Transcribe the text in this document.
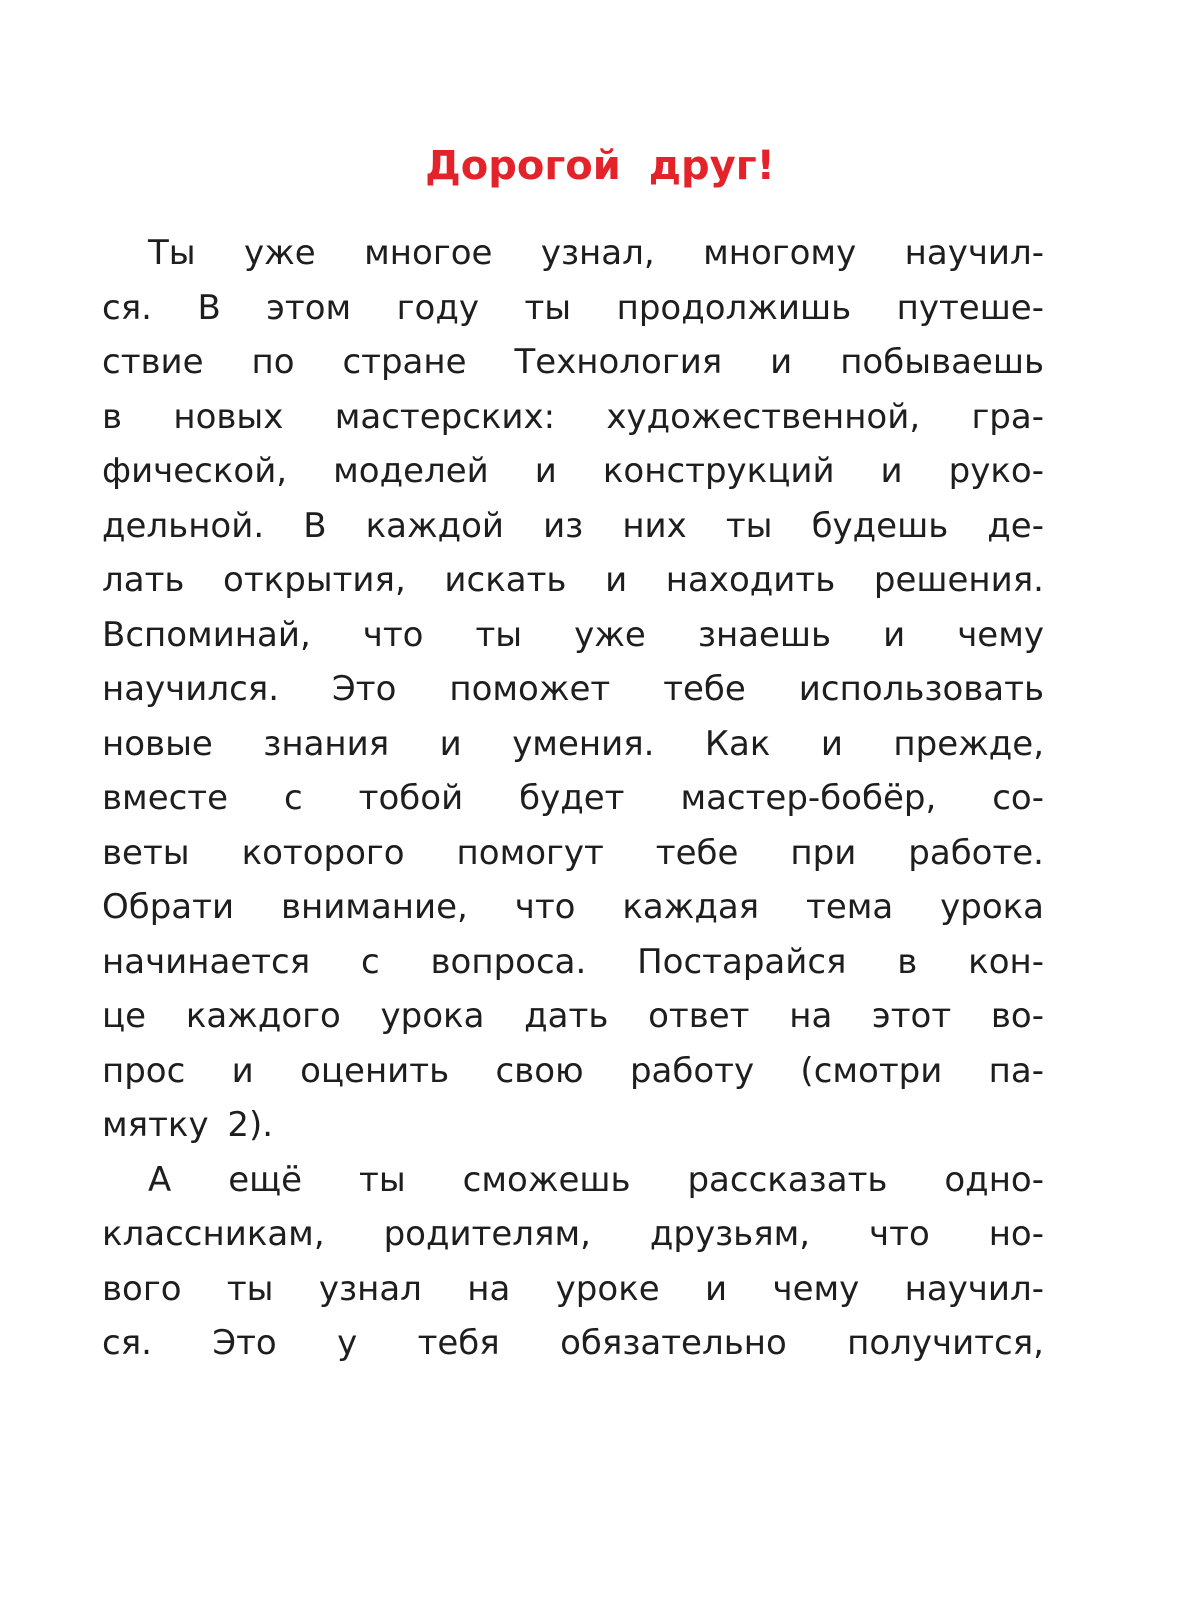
Дорогой друг!
Ты уже многое узнал, многому научил-
ся. В этом году ты продолжишь путеше-
ствие по стране Технология и побываешь
в новых мастерских: художественной, гра-
фической, моделей и конструкций и руко-
дельной. В каждой из них ты будешь де-
лать открытия, искать и находить решения.
Вспоминай, что ты уже знаешь и чему
научился. Это поможет тебе использовать
новые знания и умения. Как и прежде,
вместе с тобой будет мастер-бобёр, со-
веты которого помогут тебе при работе.
Обрати внимание, что каждая тема урока
начинается с вопроса. Постарайся в кон-
це каждого урока дать ответ на этот во-
прос и оценить свою работу (смотри па-
мятку 2).
А ещё ты сможешь рассказать одно-
классникам, родителям, друзьям, что но-
вого ты узнал на уроке и чему научил-
ся. Это у тебя обязательно получится,
